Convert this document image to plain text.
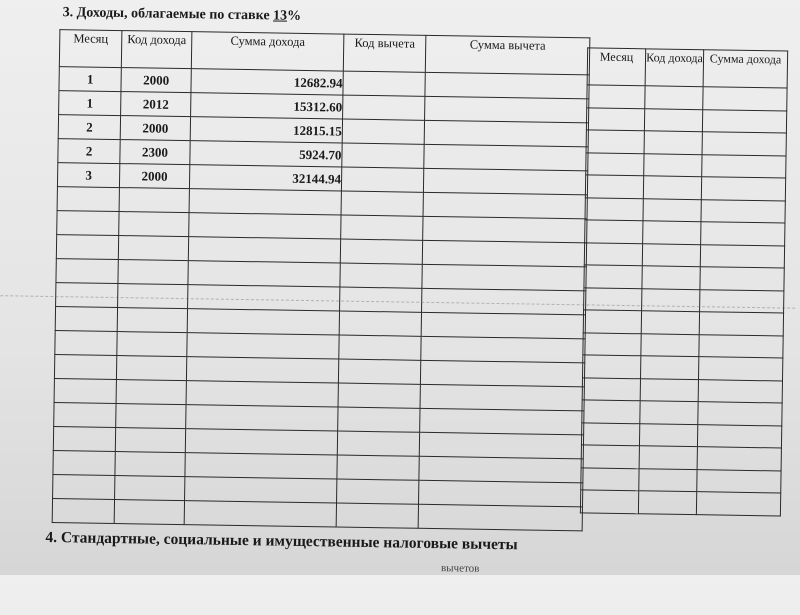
3. Доходы, облагаемые по ставке 13%
Месяц	Код дохода	Сумма дохода	Код вычета	Сумма вычета
1	2000	12682.94		
1	2012	15312.60		
2	2000	12815.15		
2	2300	5924.70		
3	2000	32144.94		

Месяц	Код дохода	Сумма дохода

4. Стандартные, социальные и имущественные налоговые вычеты
вычетов
